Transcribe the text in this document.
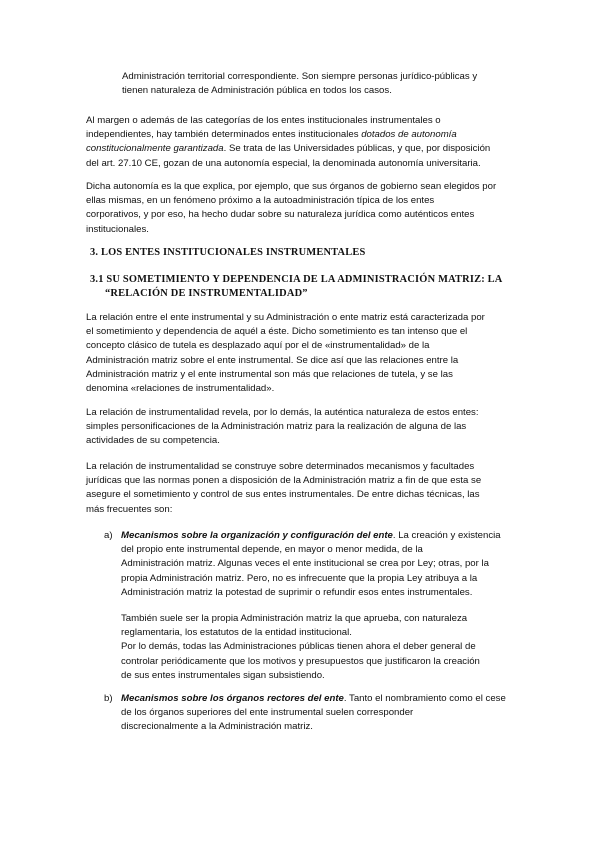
Administración territorial correspondiente. Son siempre personas jurídico-públicas y
tienen naturaleza de Administración pública en todos los casos.
Al margen o además de las categorías de los entes institucionales instrumentales o
independientes, hay también determinados entes institucionales dotados de autonomía
constitucionalmente garantizada. Se trata de las Universidades públicas, y que, por disposición
del art. 27.10 CE, gozan de una autonomía especial, la denominada autonomía universitaria.
Dicha autonomía es la que explica, por ejemplo, que sus órganos de gobierno sean elegidos por
ellas mismas, en un fenómeno próximo a la autoadministración típica de los entes
corporativos, y por eso, ha hecho dudar sobre su naturaleza jurídica como auténticos entes
institucionales.
3. LOS ENTES INSTITUCIONALES INSTRUMENTALES
3.1 SU SOMETIMIENTO Y DEPENDENCIA DE LA ADMINISTRACIÓN MATRIZ: LA
“RELACIÓN DE INSTRUMENTALIDAD”
La relación entre el ente instrumental y su Administración o ente matriz está caracterizada por
el sometimiento y dependencia de aquél a éste. Dicho sometimiento es tan intenso que el
concepto clásico de tutela es desplazado aquí por el de «instrumentalidad» de la
Administración matriz sobre el ente instrumental. Se dice así que las relaciones entre la
Administración matriz y el ente instrumental son más que relaciones de tutela, y se las
denomina «relaciones de instrumentalidad».
La relación de instrumentalidad revela, por lo demás, la auténtica naturaleza de estos entes:
simples personificaciones de la Administración matriz para la realización de alguna de las
actividades de su competencia.
La relación de instrumentalidad se construye sobre determinados mecanismos y facultades
jurídicas que las normas ponen a disposición de la Administración matriz a fin de que esta se
asegure el sometimiento y control de sus entes instrumentales. De entre dichas técnicas, las
más frecuentes son:
a) Mecanismos sobre la organización y configuración del ente. La creación y existencia
del propio ente instrumental depende, en mayor o menor medida, de la
Administración matriz. Algunas veces el ente institucional se crea por Ley; otras, por la
propia Administración matriz. Pero, no es infrecuente que la propia Ley atribuya a la
Administración matriz la potestad de suprimir o refundir esos entes instrumentales.
También suele ser la propia Administración matriz la que aprueba, con naturaleza
reglamentaria, los estatutos de la entidad institucional.
Por lo demás, todas las Administraciones públicas tienen ahora el deber general de
controlar periódicamente que los motivos y presupuestos que justificaron la creación
de sus entes instrumentales sigan subsistiendo.
b) Mecanismos sobre los órganos rectores del ente. Tanto el nombramiento como el cese
de los órganos superiores del ente instrumental suelen corresponder
discrecionalmente a la Administración matriz.
